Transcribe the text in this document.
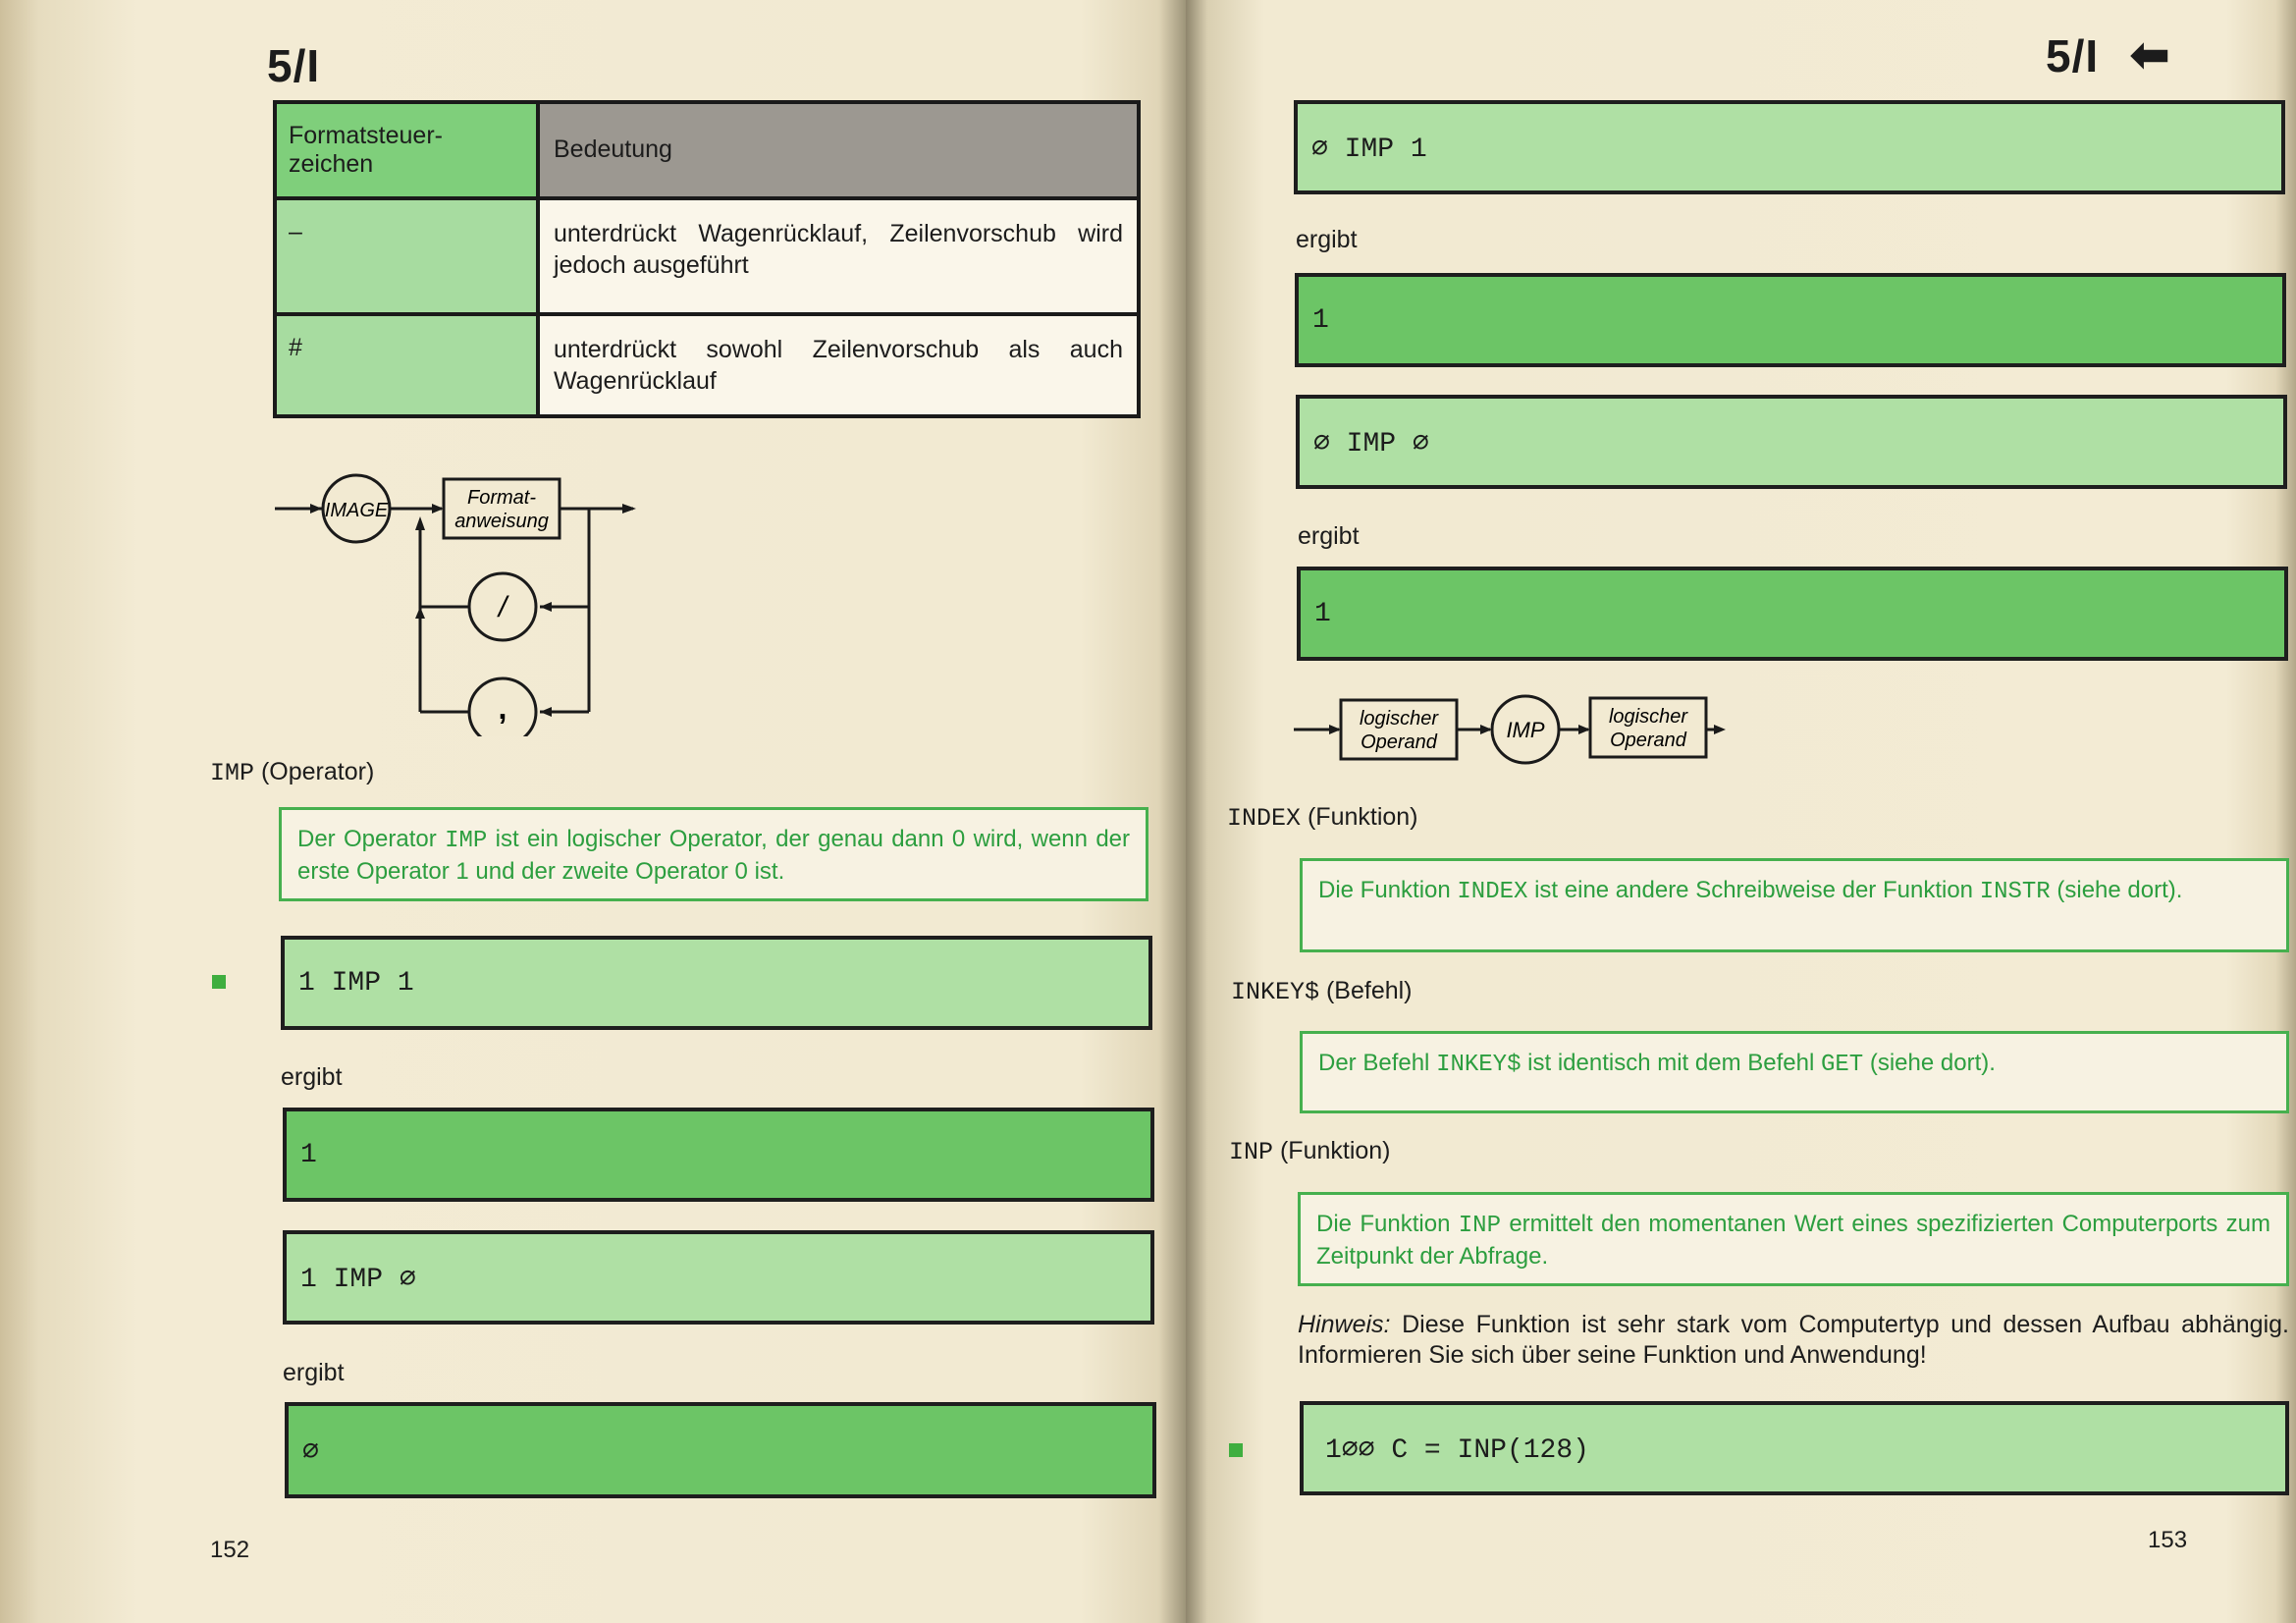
5/I
Formatsteuer-
zeichen	Bedeutung
–	unterdrückt Wagenrücklauf, Zeilenvorschub wird jedoch ausgeführt
#	unterdrückt sowohl Zeilenvorschub als auch Wagenrücklauf
IMAGE
Format-
anweisung
/
,
IMP (Operator)
Der Operator IMP ist ein logischer Operator, der genau dann 0 wird, wenn der erste Operator 1 und der zweite Operator 0 ist.
1 IMP 1
ergibt
1
1 IMP ∅
ergibt
∅
152
5/I ⬅
∅ IMP 1
ergibt
1
∅ IMP ∅
ergibt
1
logischer
Operand	IMP
logischer
Operand
INDEX (Funktion)
Die Funktion INDEX ist eine andere Schreibweise der Funktion INSTR (siehe dort).
INKEY$ (Befehl)
Der Befehl INKEY$ ist identisch mit dem Befehl GET (siehe dort).
INP (Funktion)
Die Funktion INP ermittelt den momentanen Wert eines spezifizierten Computerports zum Zeitpunkt der Abfrage.
Hinweis: Diese Funktion ist sehr stark vom Computertyp und dessen Aufbau abhängig. Informieren Sie sich über seine Funktion und Anwendung!
1∅∅ C = INP(128)
153
